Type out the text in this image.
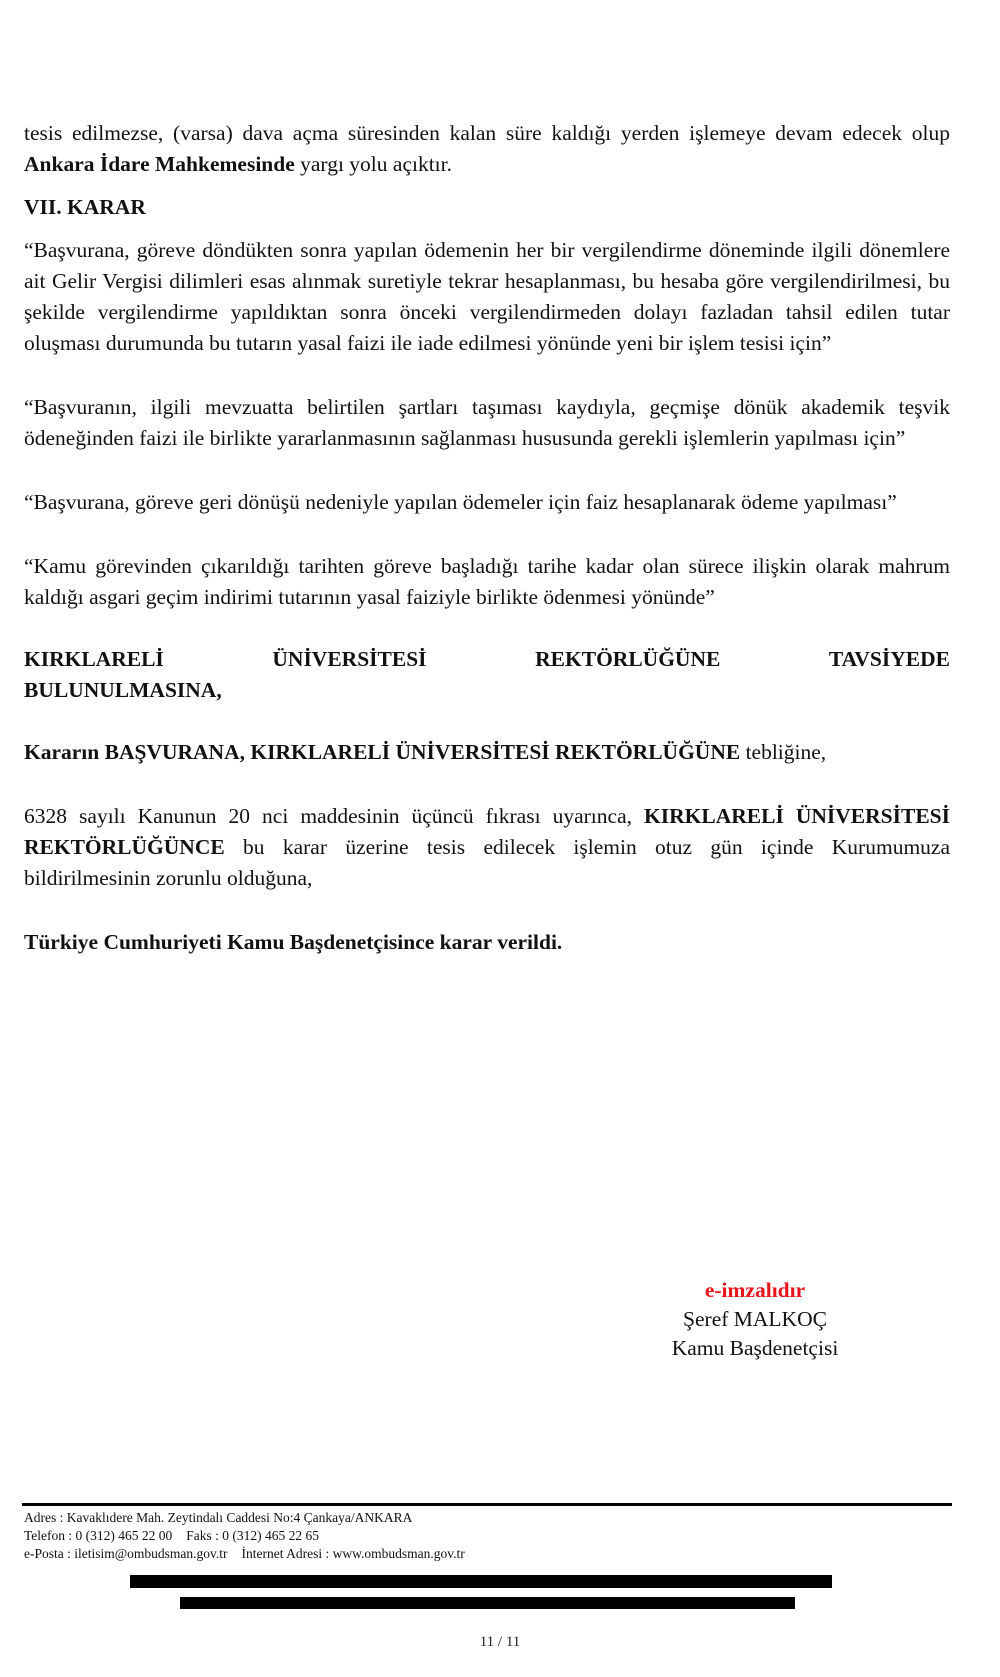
tesis edilmezse, (varsa) dava açma süresinden kalan süre kaldığı yerden işlemeye devam edecek olup Ankara İdare Mahkemesinde yargı yolu açıktır.

VII. KARAR

“Başvurana, göreve döndükten sonra yapılan ödemenin her bir vergilendirme döneminde ilgili dönemlere ait Gelir Vergisi dilimleri esas alınmak suretiyle tekrar hesaplanması, bu hesaba göre vergilendirilmesi, bu şekilde vergilendirme yapıldıktan sonra önceki vergilendirmeden dolayı fazladan tahsil edilen tutar oluşması durumunda bu tutarın yasal faizi ile iade edilmesi yönünde yeni bir işlem tesisi için”

“Başvuranın, ilgili mevzuatta belirtilen şartları taşıması kaydıyla, geçmişe dönük akademik teşvik ödeneğinden faizi ile birlikte yararlanmasının sağlanması hususunda gerekli işlemlerin yapılması için”

“Başvurana, göreve geri dönüşü nedeniyle yapılan ödemeler için faiz hesaplanarak ödeme yapılması”

“Kamu görevinden çıkarıldığı tarihten göreve başladığı tarihe kadar olan sürece ilişkin olarak mahrum kaldığı asgari geçim indirimi tutarının yasal faiziyle birlikte ödenmesi yönünde”

KIRKLARELİ	ÜNİVERSİTESİ	REKTÖRLÜĞÜNE	TAVSİYEDE
BULUNULMASINA,

Kararın BAŞVURANA, KIRKLARELİ ÜNİVERSİTESİ REKTÖRLÜĞÜNE tebliğine,

6328 sayılı Kanunun 20 nci maddesinin üçüncü fıkrası uyarınca, KIRKLARELİ ÜNİVERSİTESİ REKTÖRLÜĞÜNCE bu karar üzerine tesis edilecek işlemin otuz gün içinde Kurumumuza bildirilmesinin zorunlu olduğuna,

Türkiye Cumhuriyeti Kamu Başdenetçisince karar verildi.

e-imzalıdır
Şeref MALKOÇ
Kamu Başdenetçisi
Adres : Kavaklıdere Mah. Zeytindalı Caddesi No:4 Çankaya/ANKARA
Telefon : 0 (312) 465 22 00 Faks : 0 (312) 465 22 65
e-Posta : iletisim@ombudsman.gov.tr İnternet Adresi : www.ombudsman.gov.tr
11 / 11
